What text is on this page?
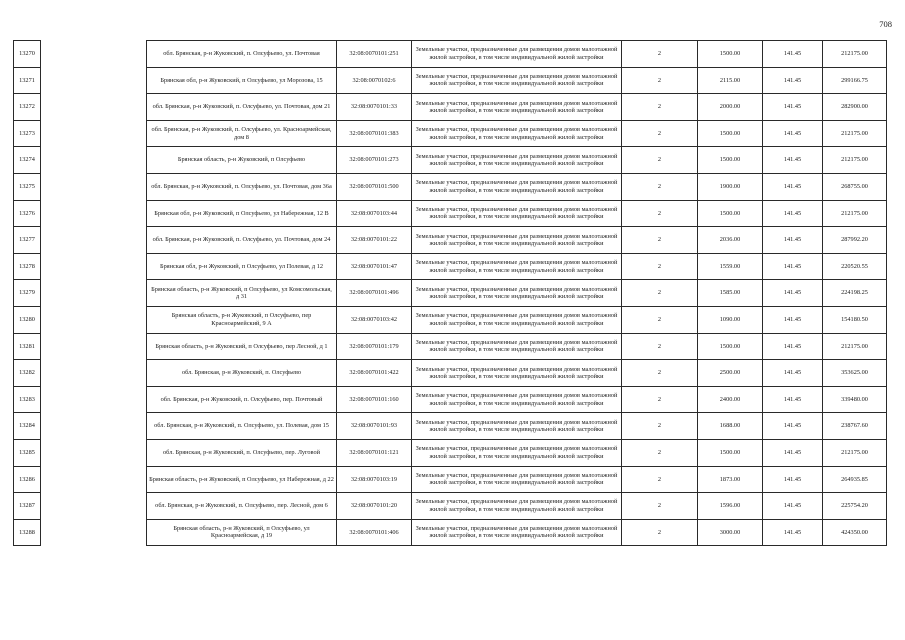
708
13270		обл. Брянская, р-н Жуковский, п. Олсуфьево, ул. Почтовая	32:08:0070101:251	Земельные участки, предназначенные для размещения домов малоэтажной жилой застройки, в том числе индивидуальной жилой застройки	2	1500.00	141.45	212175.00
13271		Брянская обл, р-н Жуковский, п Олсуфьево, ул Морозова, 15	32:08:0070102:6	Земельные участки, предназначенные для размещения домов малоэтажной жилой застройки, в том числе индивидуальной жилой застройки	2	2115.00	141.45	299166.75
13272		обл. Брянская, р-н Жуковский, п. Олсуфьево, ул. Почтовая, дом 21	32:08:0070101:33	Земельные участки, предназначенные для размещения домов малоэтажной жилой застройки, в том числе индивидуальной жилой застройки	2	2000.00	141.45	282900.00
13273		обл. Брянская, р-н Жуковский, п. Олсуфьево, ул. Красноармейская, дом 8	32:08:0070101:383	Земельные участки, предназначенные для размещения домов малоэтажной жилой застройки, в том числе индивидуальной жилой застройки	2	1500.00	141.45	212175.00
13274		Брянская область, р-н Жуковский, п Олсуфьево	32:08:0070101:273	Земельные участки, предназначенные для размещения домов малоэтажной жилой застройки, в том числе индивидуальной жилой застройки	2	1500.00	141.45	212175.00
13275		обл. Брянская, р-н Жуковский, п. Олсуфьево, ул. Почтовая, дом 36а	32:08:0070101:500	Земельные участки, предназначенные для размещения домов малоэтажной жилой застройки, в том числе индивидуальной жилой застройки	2	1900.00	141.45	268755.00
13276		Брянская обл, р-н Жуковский, п Олсуфьево, ул Набережная, 12 В	32:08:0070103:44	Земельные участки, предназначенные для размещения домов малоэтажной жилой застройки, в том числе индивидуальной жилой застройки	2	1500.00	141.45	212175.00
13277		обл. Брянская, р-н Жуковский, п. Олсуфьево, ул. Почтовая, дом 24	32:08:0070101:22	Земельные участки, предназначенные для размещения домов малоэтажной жилой застройки, в том числе индивидуальной жилой застройки	2	2036.00	141.45	287992.20
13278		Брянская обл, р-н Жуковский, п Олсуфьево, ул Полевая, д 12	32:08:0070101:47	Земельные участки, предназначенные для размещения домов малоэтажной жилой застройки, в том числе индивидуальной жилой застройки	2	1559.00	141.45	220520.55
13279		Брянская область, р-н Жуковский, п Олсуфьево, ул Комсомольская, д 31	32:08:0070101:496	Земельные участки, предназначенные для размещения домов малоэтажной жилой застройки, в том числе индивидуальной жилой застройки	2	1585.00	141.45	224198.25
13280		Брянская область, р-н Жуковский, п Олсуфьево, пер Красноармейский, 9 А	32:08:0070103:42	Земельные участки, предназначенные для размещения домов малоэтажной жилой застройки, в том числе индивидуальной жилой застройки	2	1090.00	141.45	154180.50
13281		Брянская область, р-н Жуковский, п Олсуфьево, пер Лесной, д 1	32:08:0070101:179	Земельные участки, предназначенные для размещения домов малоэтажной жилой застройки, в том числе индивидуальной жилой застройки	2	1500.00	141.45	212175.00
13282		обл. Брянская, р-н Жуковский, п. Олсуфьево	32:08:0070101:422	Земельные участки, предназначенные для размещения домов малоэтажной жилой застройки, в том числе индивидуальной жилой застройки	2	2500.00	141.45	353625.00
13283		обл. Брянская, р-н Жуковский, п. Олсуфьево, пер. Почтовый	32:08:0070101:160	Земельные участки, предназначенные для размещения домов малоэтажной жилой застройки, в том числе индивидуальной жилой застройки	2	2400.00	141.45	339480.00
13284		обл. Брянская, р-н Жуковский, п. Олсуфьево, ул. Полевая, дом 15	32:08:0070101:93	Земельные участки, предназначенные для размещения домов малоэтажной жилой застройки, в том числе индивидуальной жилой застройки	2	1688.00	141.45	238767.60
13285		обл. Брянская, р-н Жуковский, п. Олсуфьево, пер. Луговой	32:08:0070101:121	Земельные участки, предназначенные для размещения домов малоэтажной жилой застройки, в том числе индивидуальной жилой застройки	2	1500.00	141.45	212175.00
13286		Брянская область, р-н Жуковский, п Олсуфьево, ул Набережная, д 22	32:08:0070103:19	Земельные участки, предназначенные для размещения домов малоэтажной жилой застройки, в том числе индивидуальной жилой застройки	2	1873.00	141.45	264935.85
13287		обл. Брянская, р-н Жуковский, п. Олсуфьево, пер. Лесной, дом 6	32:08:0070101:20	Земельные участки, предназначенные для размещения домов малоэтажной жилой застройки, в том числе индивидуальной жилой застройки	2	1596.00	141.45	225754.20
13288		Брянская область, р-н Жуковский, п Олсуфьево, ул Красноармейская, д 19	32:08:0070101:406	Земельные участки, предназначенные для размещения домов малоэтажной жилой застройки, в том числе индивидуальной жилой застройки	2	3000.00	141.45	424350.00
